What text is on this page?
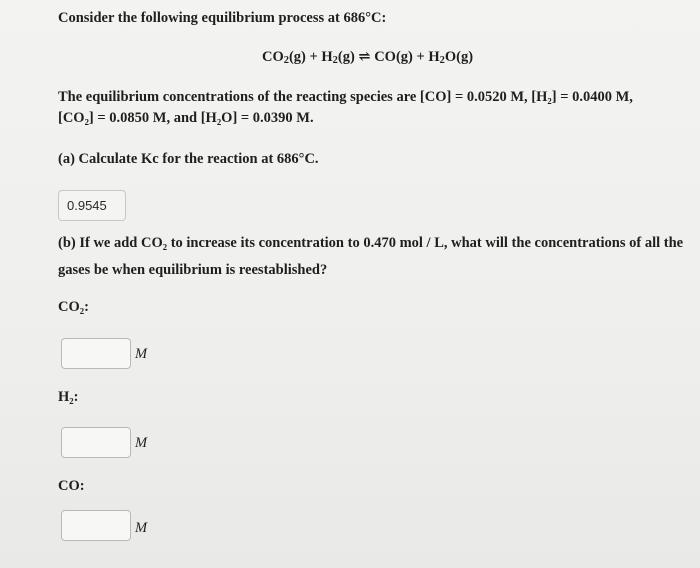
Consider the following equilibrium process at 686°C:
$CO_2(g) + H_2(g)$ ⇌ $CO(g) + H_2O(g)$
The equilibrium concentrations of the reacting species are [CO] = 0.0520 M, [H₂] = 0.0400 M,
[CO₂] = 0.0850 M, and [H₂O] = 0.0390 M.
(a) Calculate Kc for the reaction at 686°C.
0.9545
(b) If we add CO₂ to increase its concentration to 0.470 mol / L, what will the concentrations of all the
gases be when equilibrium is reestablished?
CO₂:
M
H₂:
M
CO:
M
